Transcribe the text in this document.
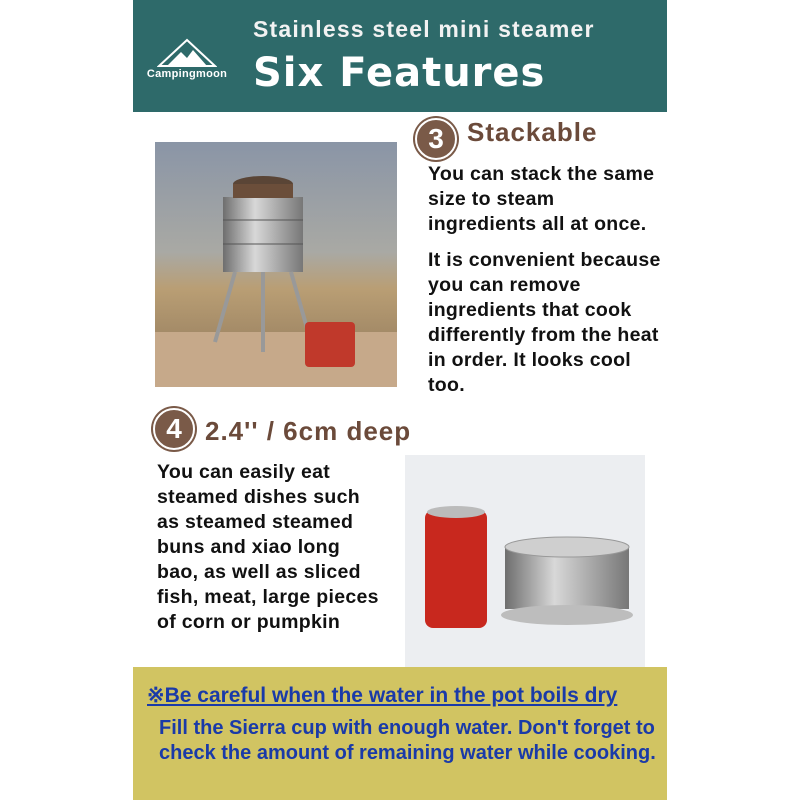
Campingmoon
Stainless steel mini steamer
Six Features
3 Stackable
You can stack the same size to steam ingredients all at once.
It is convenient because you can remove ingredients that cook differently from the heat in order. It looks cool too.
4 2.4'' / 6cm deep
You can easily eat steamed dishes such as steamed steamed buns and xiao long bao, as well as sliced fish, meat, large pieces of corn or pumpkin
※Be careful when the water in the pot boils dry
Fill the Sierra cup with enough water. Don't forget to check the amount of remaining water while cooking.
